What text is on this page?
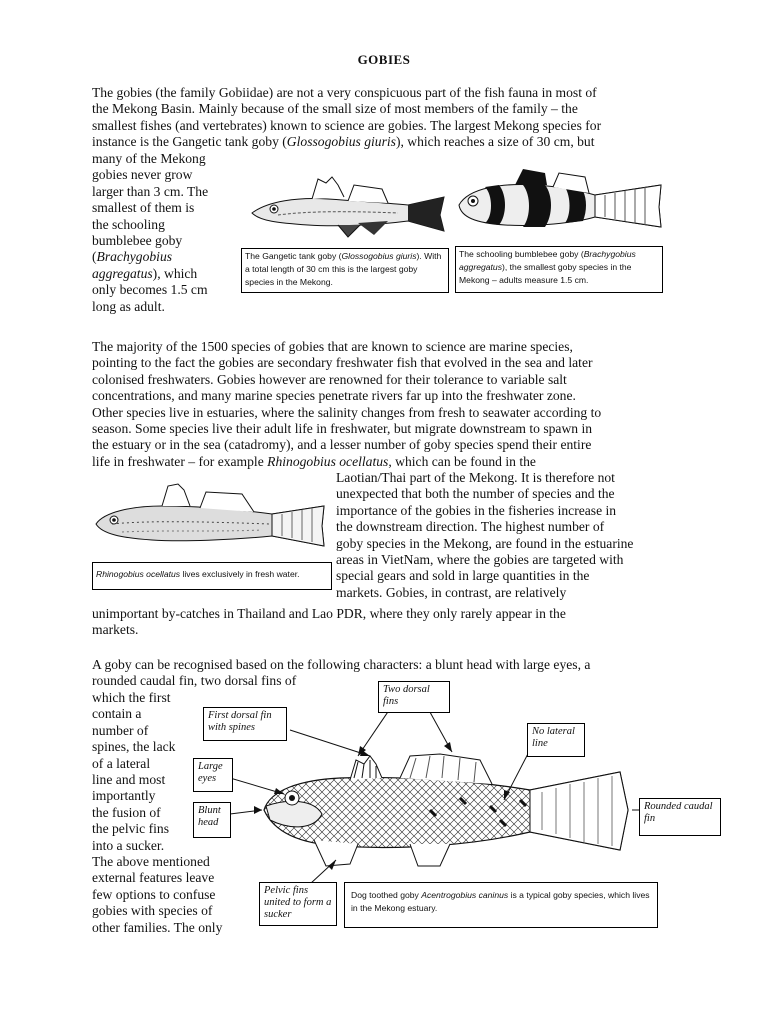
GOBIES

The gobies (the family Gobiidae) are not a very conspicuous part of the fish fauna in most of

the Mekong Basin. Mainly because of the small size of most members of the family – the

smallest fishes (and vertebrates) known to science are gobies. The largest Mekong species for

instance is the Gangetic tank goby (Glossogobius giuris), which reaches a size of 30 cm, but

many of the Mekong

gobies never grow

larger than 3 cm. The

smallest of them is

the schooling

bumblebee goby

(Brachygobius

aggregatus), which

only becomes 1.5 cm

long as adult.

The Gangetic tank goby (Glossogobius giuris). With a total length of 30 cm this is the largest goby species in the Mekong.
The schooling bumblebee goby (Brachygobius aggregatus), the smallest goby species in the Mekong – adults measure 1.5 cm.

The majority of the 1500 species of gobies that are known to science are marine species,

pointing to the fact the gobies are secondary freshwater fish that evolved in the sea and later

colonised freshwaters. Gobies however are renowned for their tolerance to variable salt

concentrations, and many marine species penetrate rivers far up into the freshwater zone.

Other species live in estuaries, where the salinity changes from fresh to seawater according to

season. Some species live their adult life in freshwater, but migrate downstream to spawn in

the estuary or in the sea (catadromy), and a lesser number of goby species spend their entire

life in freshwater – for example Rhinogobius ocellatus, which can be found in the

Laotian/Thai part of the Mekong. It is therefore not

unexpected that both the number of species and the

importance of the gobies in the fisheries increase in

the downstream direction. The highest number of

goby species in the Mekong, are found in the estuarine

areas in VietNam, where the gobies are targeted with

special gears and sold in large quantities in the

markets. Gobies, in contrast, are relatively

unimportant by-catches in Thailand and Lao PDR, where they only rarely appear in the

markets.

Rhinogobius ocellatus lives exclusively in fresh water.

A goby can be recognised based on the following characters: a blunt head with large eyes, a

rounded caudal fin, two dorsal fins of

which the first

contain a

number of

spines, the lack

of a lateral

line and most

importantly

the fusion of

the pelvic fins

into a sucker.

The above mentioned

external features leave

few options to confuse

gobies with species of

other families. The only

Two dorsal fins
First dorsal fin with spines	No lateral line
Large eyes
Blunt head
Rounded caudal fin
Pelvic fins united to form a sucker
Dog toothed goby Acentrogobius caninus is a typical goby species, which lives in the Mekong estuary.
